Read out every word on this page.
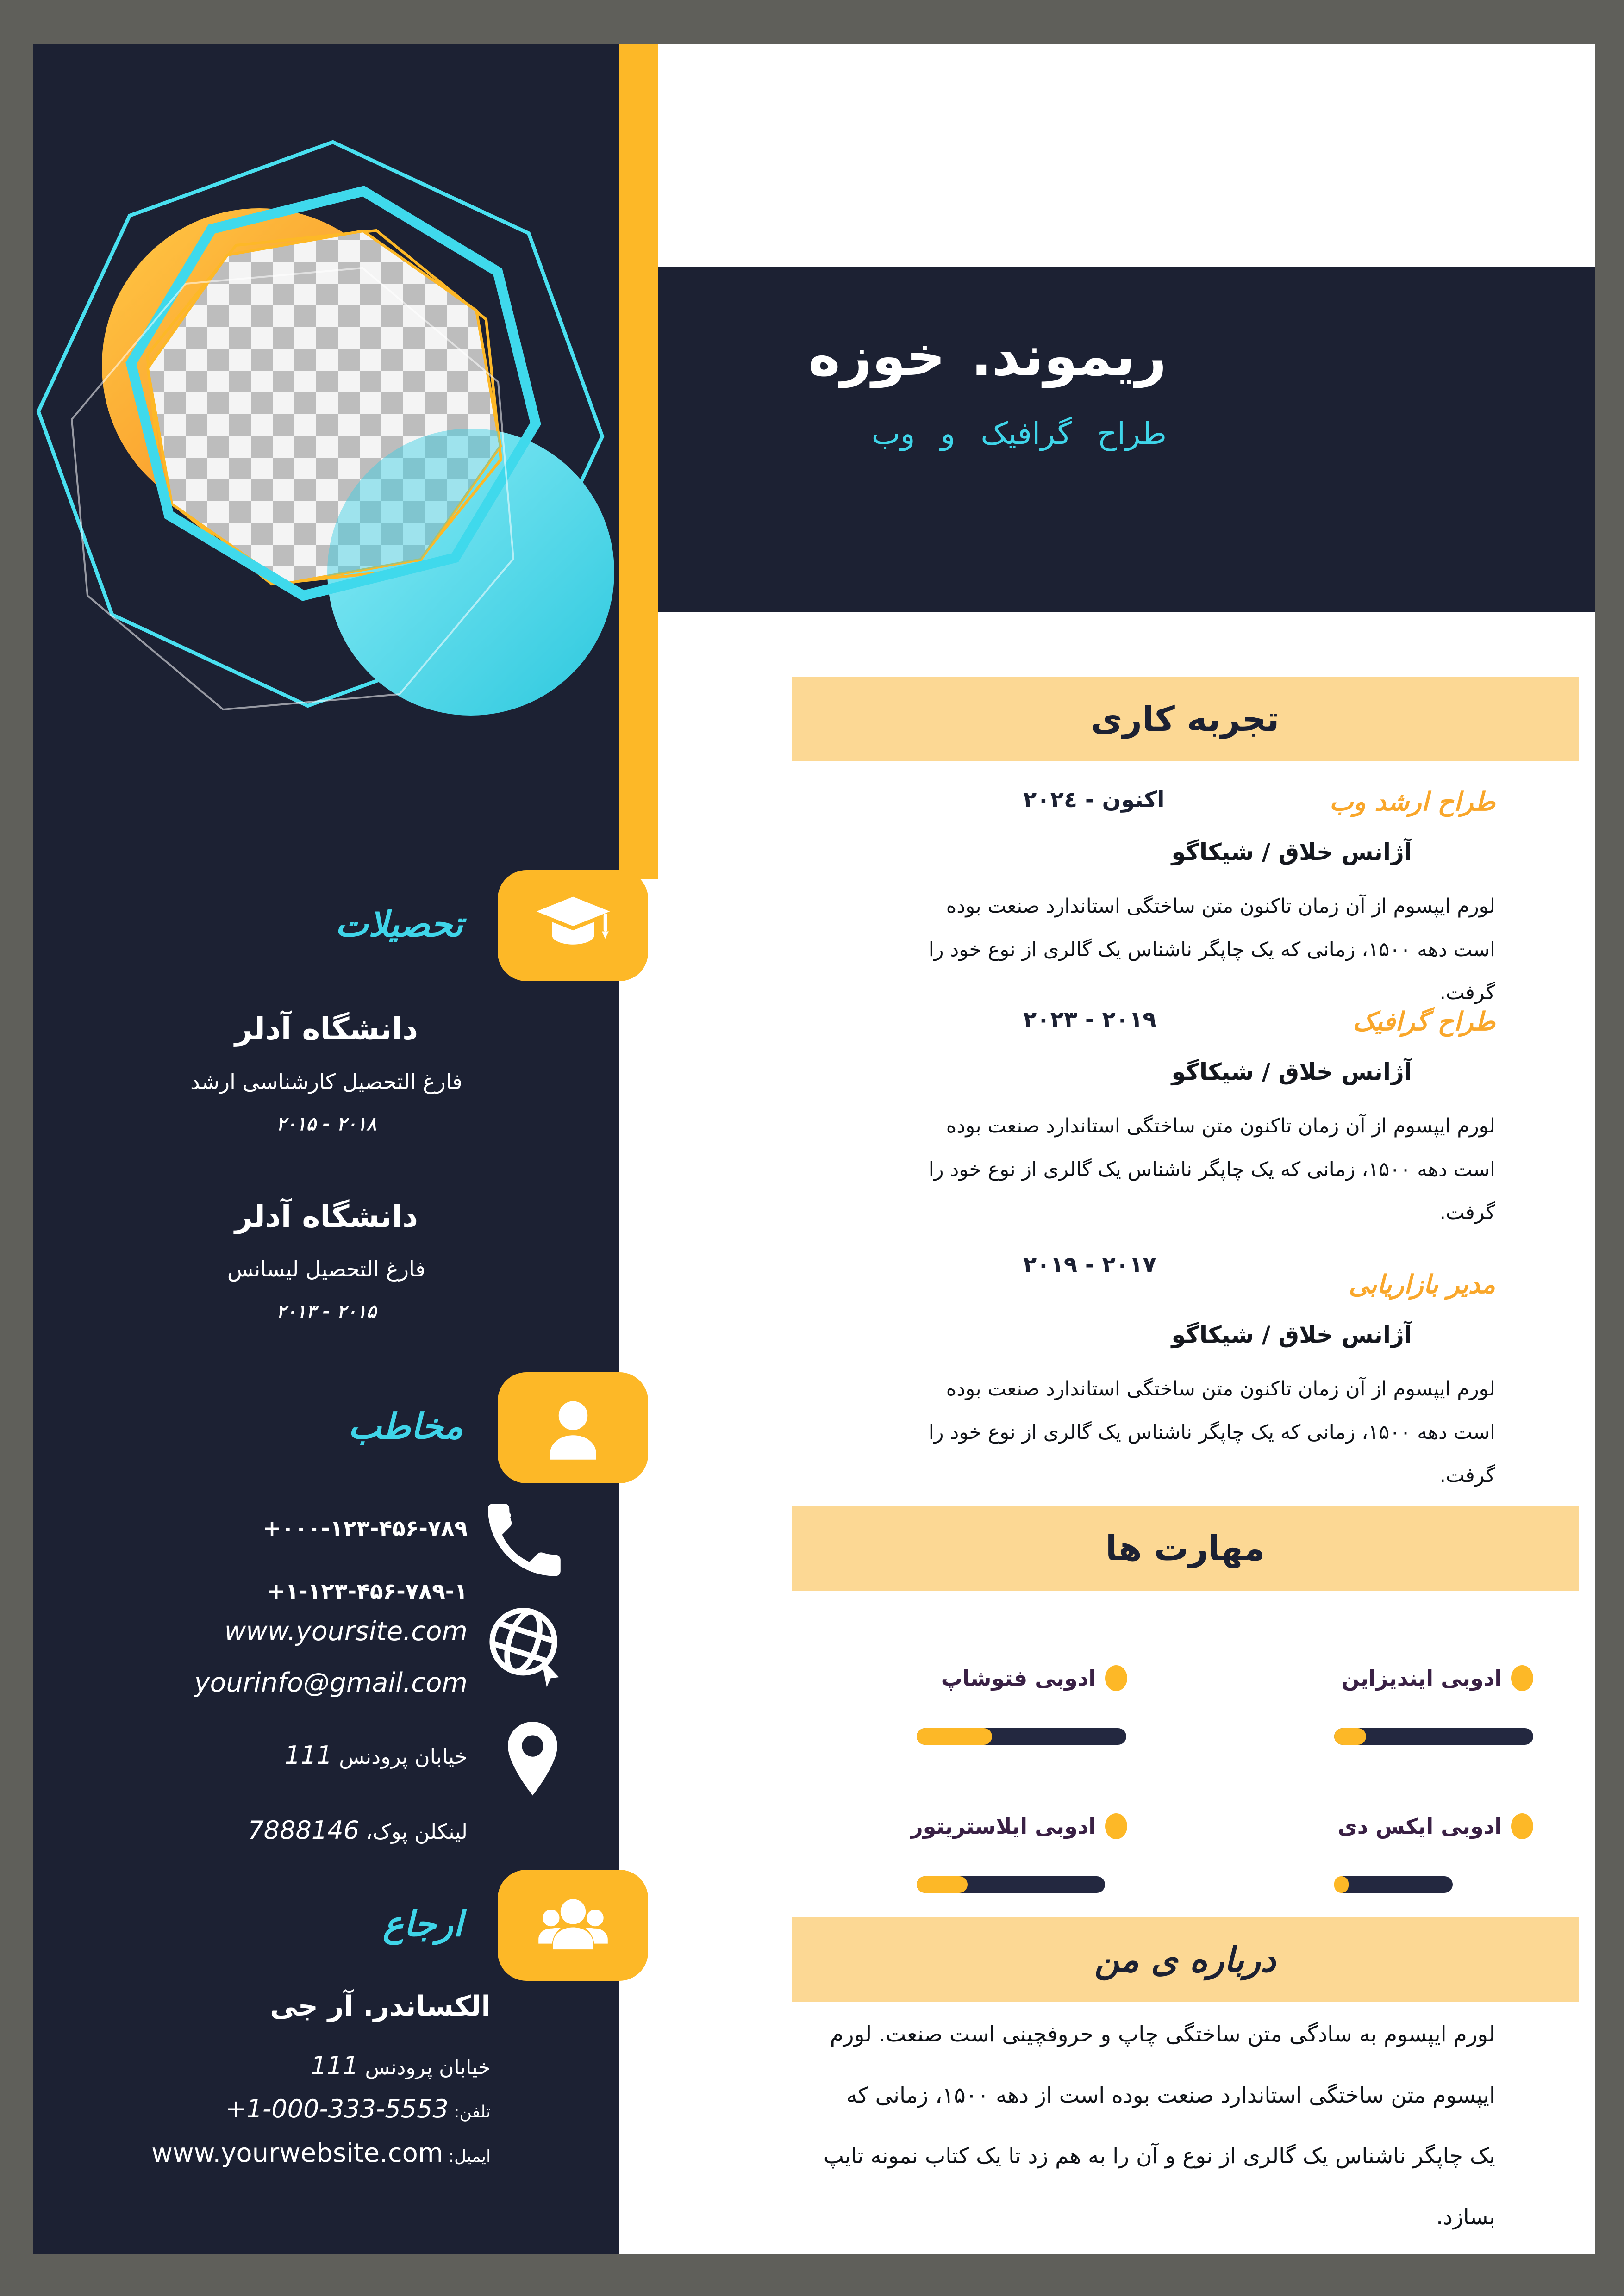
ریموند. خوزه
طراح گرافیک و وب
تجربه کاری
طراح ارشد وب
اکنون - ٢٠٢٤
آژانس خلاق / شیکاگو
لورم ایپسوم از آن زمان تاکنون متن ساختگی استاندارد صنعت بوده است دهه ۱۵۰۰، زمانی که یک چاپگر ناشناس یک گالری از نوع خود را گرفت.
طراح گرافیک
٢٠١٩ - ٢٠٢٣
آژانس خلاق / شیکاگو
لورم ایپسوم از آن زمان تاکنون متن ساختگی استاندارد صنعت بوده است دهه ۱۵۰۰، زمانی که یک چاپگر ناشناس یک گالری از نوع خود را گرفت.
مدیر بازاریابی
٢٠١٧ - ٢٠١٩
آژانس خلاق / شیکاگو
لورم ایپسوم از آن زمان تاکنون متن ساختگی استاندارد صنعت بوده است دهه ۱۵۰۰، زمانی که یک چاپگر ناشناس یک گالری از نوع خود را گرفت.
مهارت ها
ادوبی ایندیزاین
ادوبی فتوشاپ
ادوبی ایکس دی
ادوبی ایلاستریتور
درباره ی من
لورم ایپسوم به سادگی متن ساختگی چاپ و حروفچینی است صنعت. لورم ایپسوم متن ساختگی استاندارد صنعت بوده است از دهه ۱۵۰۰، زمانی که یک چاپگر ناشناس یک گالری از نوع و آن را به هم زد تا یک کتاب نمونه تایپ بسازد.
تحصیلات
دانشگاه آدلر
فارغ التحصیل کارشناسی ارشد
۲۰۱۵ - ۲۰۱۸
دانشگاه آدلر
فارغ التحصیل لیسانس
۲۰۱۳ - ۲۰۱۵
مخاطب
+۰۰۰-۱۲۳-۴۵۶-۷۸۹
+۱-۱۲۳-۴۵۶-۷۸۹-۱
www.yoursite.com
yourinfo@gmail.com
خیابان پرودنس 111
لینکلن پوک، 7888146
ارجاع
الکساندر. آر جی
خیابان پرودنس 111
تلفن: +1-000-333-5553
ایمیل: www.yourwebsite.com
